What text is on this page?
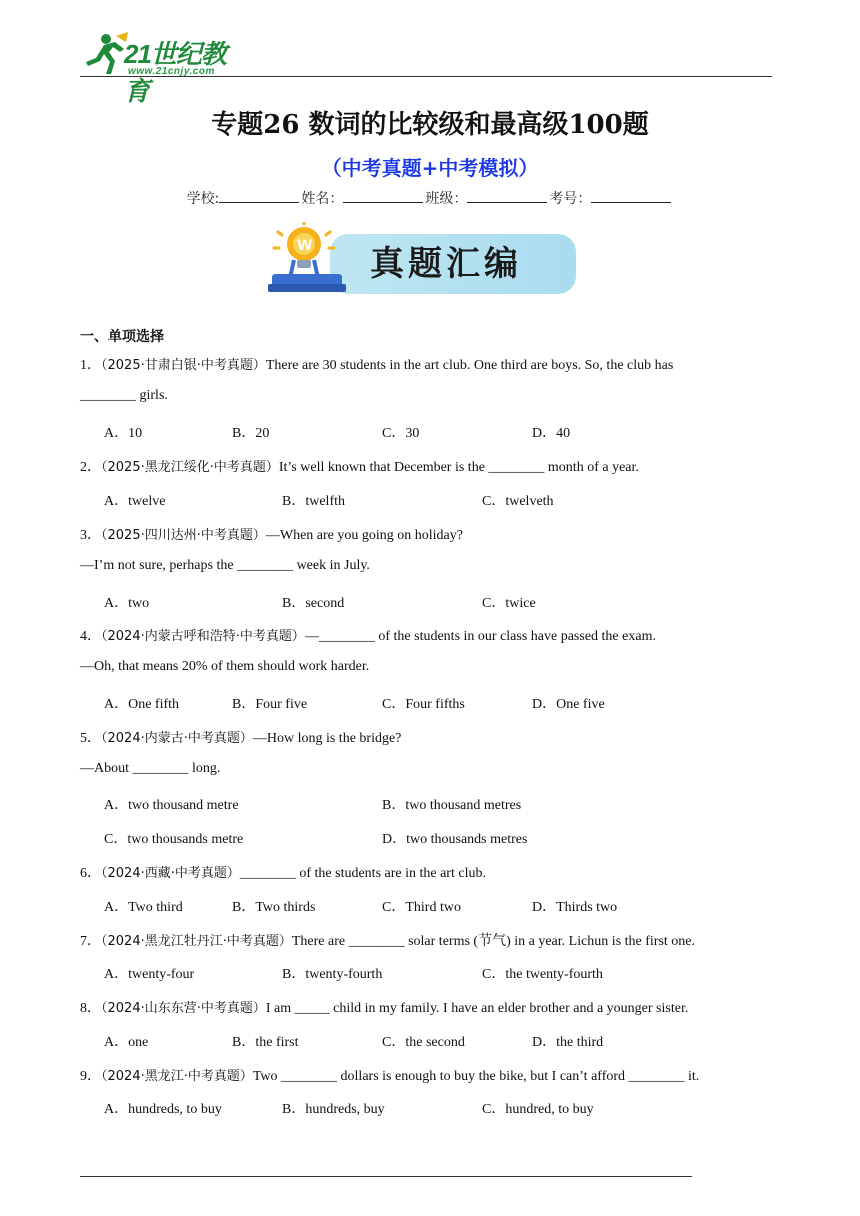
21世纪教育
www.21cnjy.com
专题26 数词的比较级和最高级100题
（中考真题+中考模拟）
学校:	姓名：	班级：	考号：
W 真题汇编
一、单项选择
1．（2025·甘肃白银·中考真题）There are 30 students in the art club. One third are boys. So, the club has
________ girls.
A．10	B．20	C．30	D．40
2．（2025·黑龙江绥化·中考真题）It’s well known that December is the ________ month of a year.
A．twelve	B．twelfth	C．twelveth
3．（2025·四川达州·中考真题）—When are you going on holiday?
—I’m not sure, perhaps the ________ week in July.
A．two	B．second	C．twice
4．（2024·内蒙古呼和浩特·中考真题）—________ of the students in our class have passed the exam.
—Oh, that means 20% of them should work harder.
A．One fifth	B．Four five	C．Four fifths	D．One five
5．（2024·内蒙古·中考真题）—How long is the bridge?
—About ________ long.
A．two thousand metre	B．two thousand metres
C．two thousands metre	D．two thousands metres
6．（2024·西藏·中考真题）________ of the students are in the art club.
A．Two third	B．Two thirds	C．Third two	D．Thirds two
7．（2024·黑龙江牡丹江·中考真题）There are ________ solar terms (节气) in a year. Lichun is the first one.
A．twenty-four	B．twenty-fourth	C．the twenty-fourth
8．（2024·山东东营·中考真题）I am _____ child in my family. I have an elder brother and a younger sister.
A．one	B．the first	C．the second	D．the third
9．（2024·黑龙江·中考真题）Two ________ dollars is enough to buy the bike, but I can’t afford ________ it.
A．hundreds, to buy	B．hundreds, buy	C．hundred, to buy
